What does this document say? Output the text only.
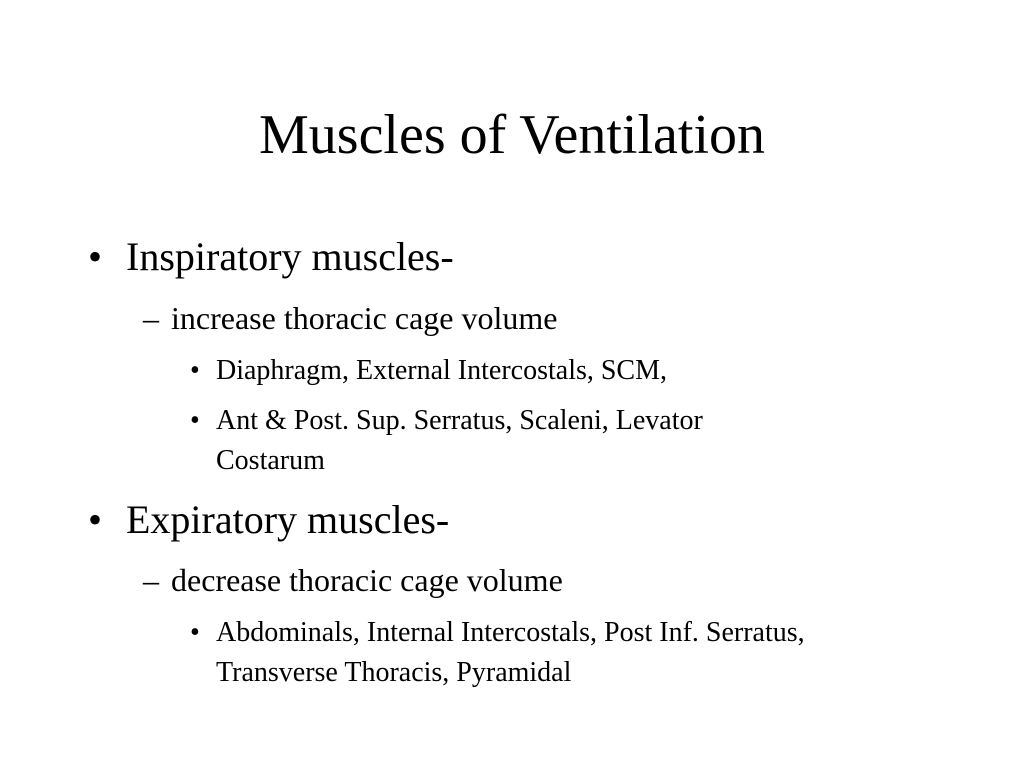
Muscles of Ventilation
• Inspiratory muscles-
– increase thoracic cage volume
• Diaphragm, External Intercostals, SCM,
• Ant & Post. Sup. Serratus, Scaleni, Levator
Costarum
• Expiratory muscles-
– decrease thoracic cage volume
• Abdominals, Internal Intercostals, Post Inf. Serratus,
Transverse Thoracis, Pyramidal
